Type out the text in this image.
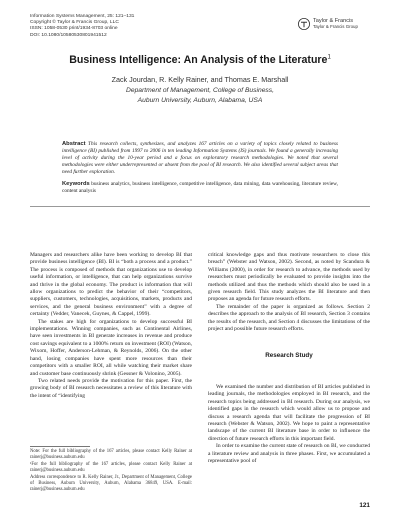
Information Systems Management, 25: 121–131
Copyright © Taylor & Francis Group, LLC
ISSN: 1058-0530 print/1934-8703 online
DOI: 10.1080/10580530801941512
Taylor & Francis
Taylor & Francis Group
Business Intelligence: An Analysis of the Literature$^1$
Zack Jourdan, R. Kelly Rainer, and Thomas E. Marshall
Department of Management, College of Business,
Auburn University, Auburn, Alabama, USA
Abstract This research collects, synthesizes, and analyzes 167 articles on a variety of topics closely related to business intelligence (BI) published from 1997 to 2006 in ten leading Information Systems (IS) journals. We found a generally increasing level of activity during the 10-year period and a focus on exploratory research methodologies. We noted that several methodologies were either underrepresented or absent from the pool of BI research. We also identified several subject areas that need further exploration.
Keywords business analytics, business intelligence, competitive intelligence, data mining, data warehousing, literature review, content analysis

Managers and researchers alike have been working to develop BI that provide business intelligence (BI). BI is “both a process and a product.” The process is composed of methods that organizations use to develop useful information, or intelligence, that can help organizations survive and thrive in the global economy. The product is information that will allow organizations to predict the behavior of their “competitors, suppliers, customers, technologies, acquisitions, markets, products and services, and the general business environment” with a degree of certainty (Vedder, Vanecek, Guynes, & Cappel, 1999).

The stakes are high for organizations to develop successful BI implementations. Winning companies, such as Continental Airlines, have seen investments in BI generate increases in revenue and produce cost savings equivalent to a 1000% return on investment (ROI) (Watson, Wixom, Hoffer, Anderson-Lehman, & Reynolds, 2006). On the other hand, losing companies have spent more resources than their competitors with a smaller ROI, all while watching their market share and customer base continuously shrink (Gessner & Volonino, 2005).

Two related needs provide the motivation for this paper. First, the growing body of BI research necessitates a review of this literature with the intent of “identifying

Note: For the full bibliography of the 167 articles, please contact Kelly Rainer at rainerj@business.auburn.edu

¹For the full bibliography of the 167 articles, please contact Kelly Rainer at rainerj@business.auburn.edu

Address correspondence to R. Kelly Rainer, Jr., Department of Management, College of Business, Auburn University, Auburn, Alabama 36849, USA. E-mail: rainerj@business.auburn.edu

critical knowledge gaps and thus motivate researchers to close this breach” (Webster and Watson, 2002). Second, as noted by Scandura & Williams (2000), in order for research to advance, the methods used by researchers must periodically be evaluated to provide insights into the methods utilized and thus the methods which should also be used in a given research field. This study analyzes the BI literature and then proposes an agenda for future research efforts.

The remainder of the paper is organized as follows. Section 2 describes the approach to the analysis of BI research, Section 3 contains the results of the research, and Section 4 discusses the limitations of the project and possible future research efforts.

Research Study

We examined the number and distribution of BI articles published in leading journals, the methodologies employed in BI research, and the research topics being addressed in BI research. During our analysis, we identified gaps in the research which would allow us to propose and discuss a research agenda that will facilitate the progression of BI research (Webster & Watson, 2002). We hope to paint a representative landscape of the current BI literature base in order to influence the direction of future research efforts in this important field.

In order to examine the current state of research on BI, we conducted a literature review and analysis in three phases. First, we accumulated a representative pool of

121
